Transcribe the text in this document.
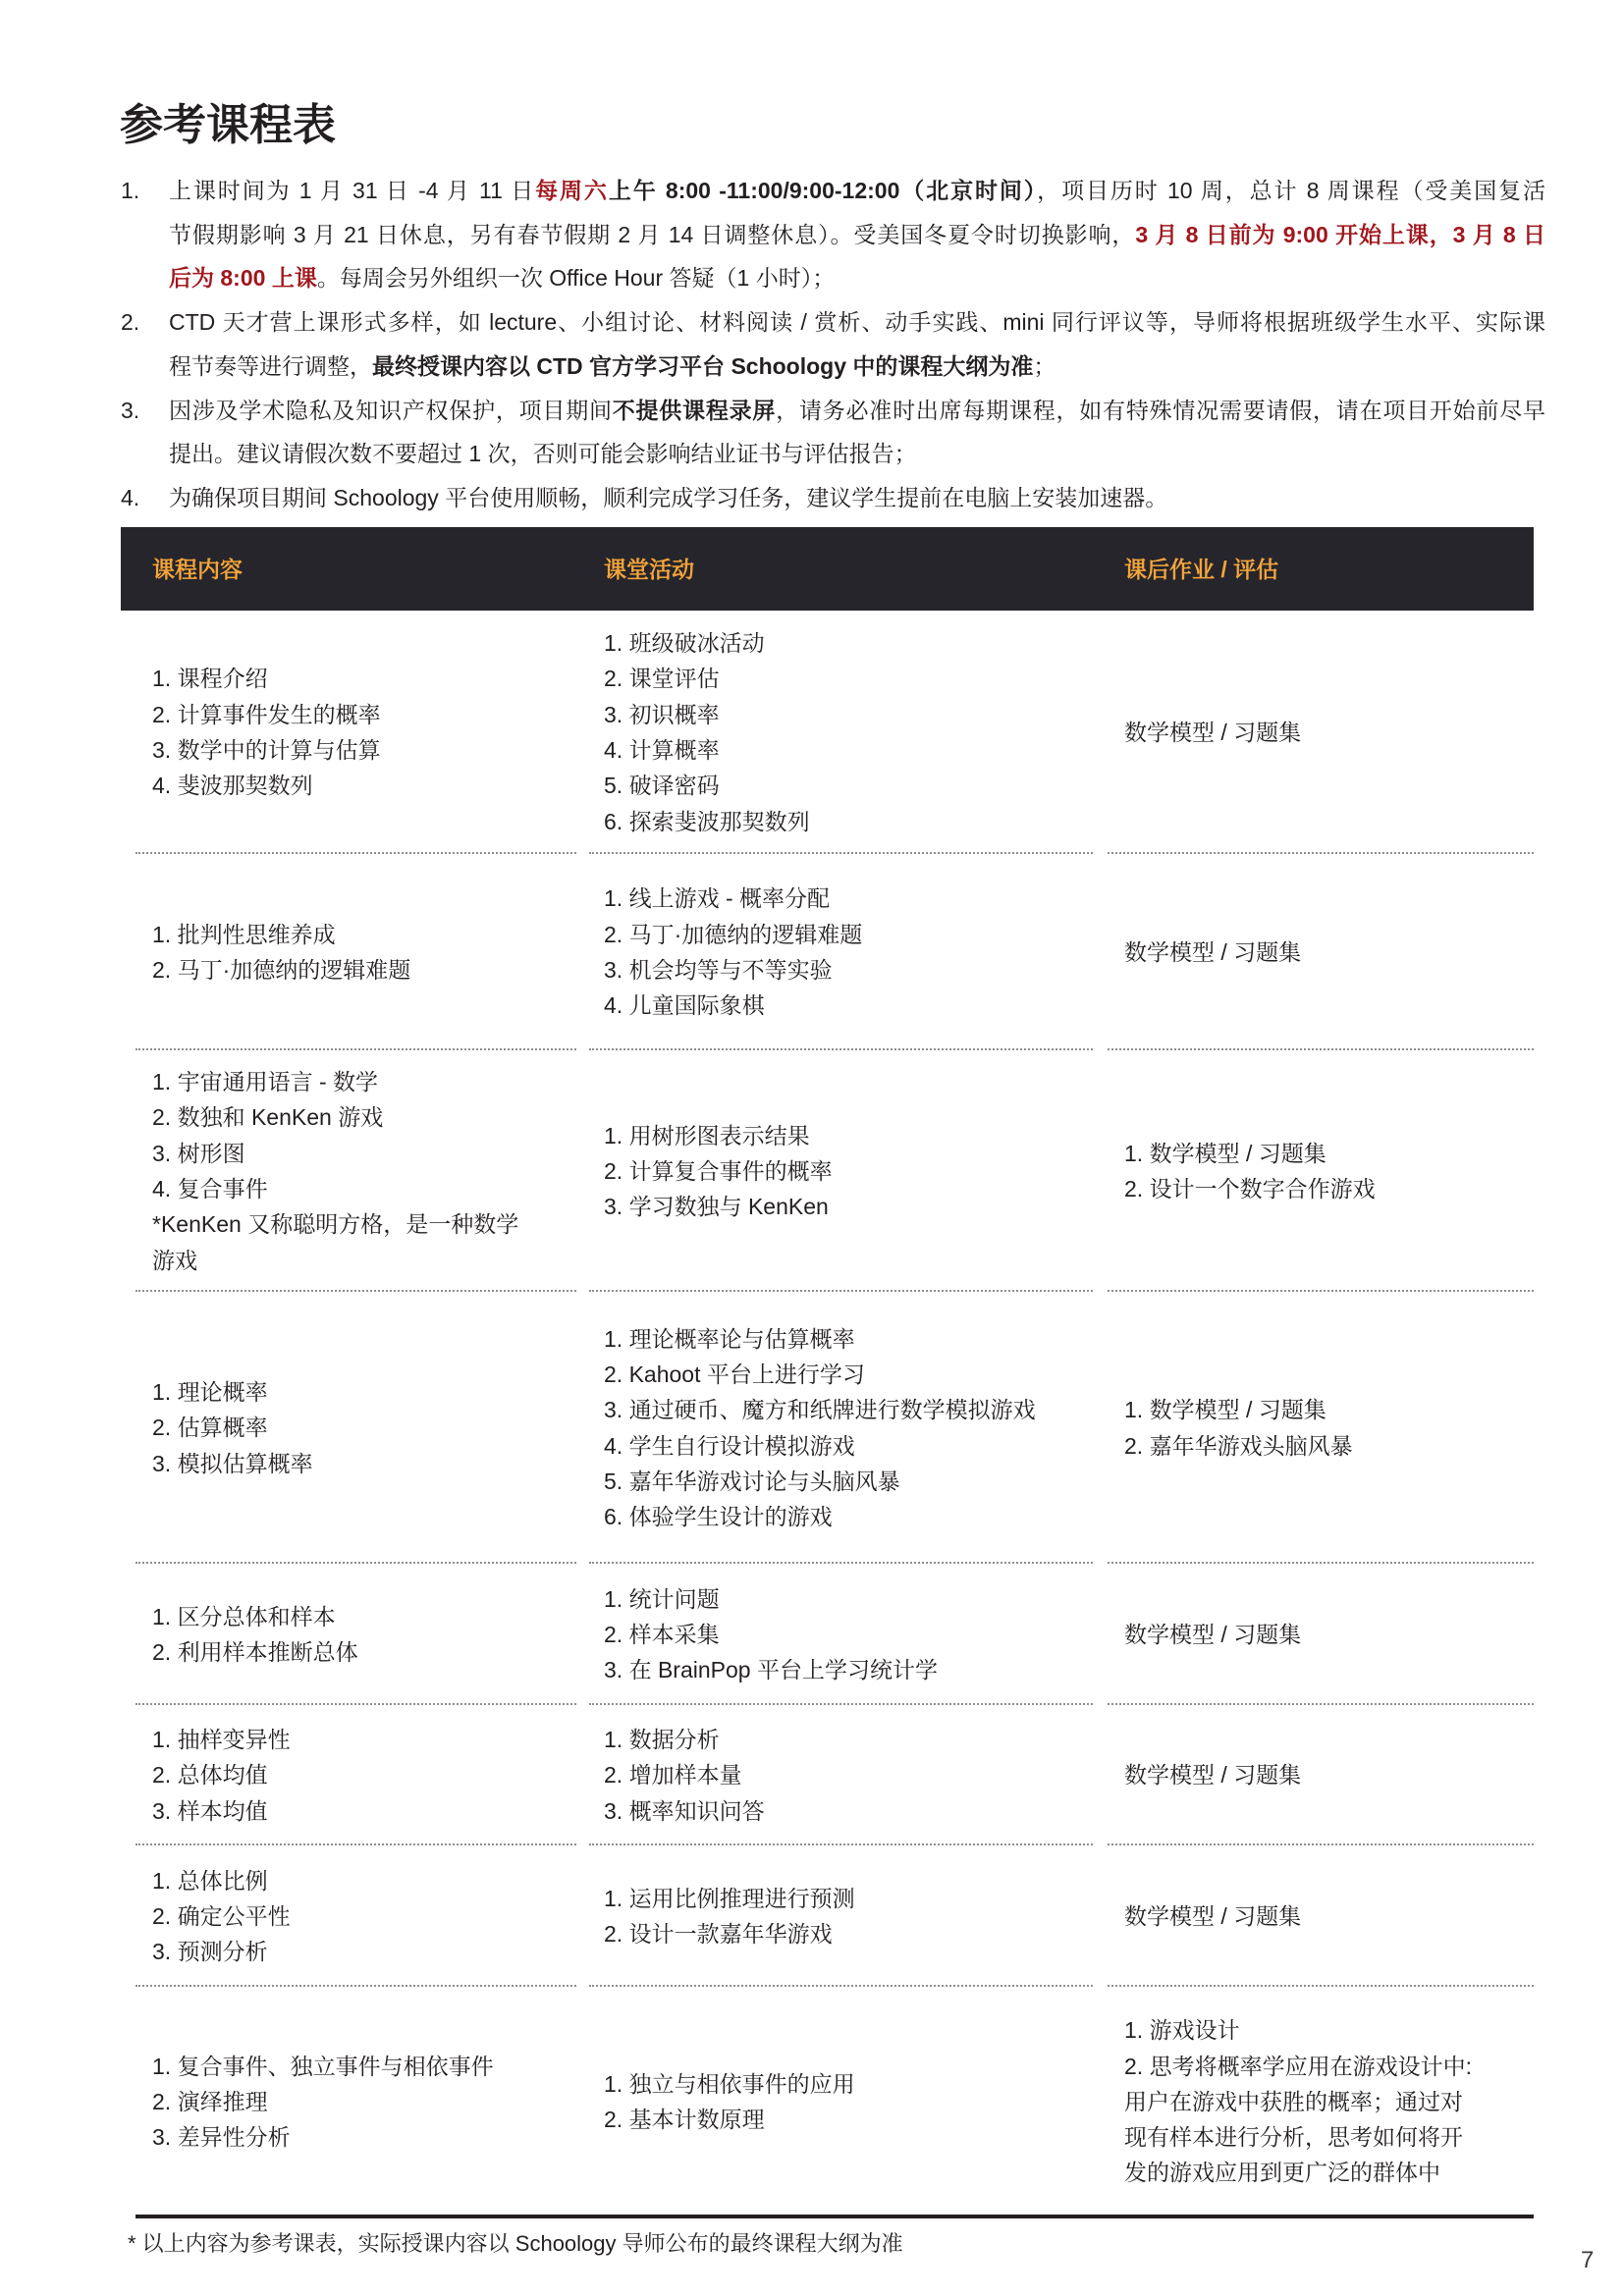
参考课程表
1. 上课时间为 1 月 31 日 -4 月 11 日每周六上午 8:00 -11:00/9:00-12:00（北京时间），项目历时 10 周，总计 8 周课程（受美国复活
节假期影响 3 月 21 日休息，另有春节假期 2 月 14 日调整休息）。受美国冬夏令时切换影响，3 月 8 日前为 9:00 开始上课，3 月 8 日
后为 8:00 上课。每周会另外组织一次 Office Hour 答疑（1 小时）；
2. CTD 天才营上课形式多样，如 lecture、小组讨论、材料阅读 / 赏析、动手实践、mini 同行评议等，导师将根据班级学生水平、实际课
程节奏等进行调整，最终授课内容以 CTD 官方学习平台 Schoology 中的课程大纲为准；
3. 因涉及学术隐私及知识产权保护，项目期间不提供课程录屏，请务必准时出席每期课程，如有特殊情况需要请假，请在项目开始前尽早
提出。建议请假次数不要超过 1 次，否则可能会影响结业证书与评估报告；
4. 为确保项目期间 Schoology 平台使用顺畅，顺利完成学习任务，建议学生提前在电脑上安装加速器。
课程内容	课堂活动	课后作业 / 评估
1. 课程介绍
2. 计算事件发生的概率
3. 数学中的计算与估算
4. 斐波那契数列
1. 班级破冰活动
2. 课堂评估
3. 初识概率
4. 计算概率
5. 破译密码
6. 探索斐波那契数列
数学模型 / 习题集
1. 批判性思维养成
2. 马丁·加德纳的逻辑难题
1. 线上游戏 - 概率分配
2. 马丁·加德纳的逻辑难题
3. 机会均等与不等实验
4. 儿童国际象棋
数学模型 / 习题集
1. 宇宙通用语言 - 数学
2. 数独和 KenKen 游戏
3. 树形图
4. 复合事件
*KenKen 又称聪明方格，是一种数学
游戏
1. 用树形图表示结果
2. 计算复合事件的概率
3. 学习数独与 KenKen
1. 数学模型 / 习题集
2. 设计一个数字合作游戏
1. 理论概率
2. 估算概率
3. 模拟估算概率
1. 理论概率论与估算概率
2. Kahoot 平台上进行学习
3. 通过硬币、魔方和纸牌进行数学模拟游戏
4. 学生自行设计模拟游戏
5. 嘉年华游戏讨论与头脑风暴
6. 体验学生设计的游戏
1. 数学模型 / 习题集
2. 嘉年华游戏头脑风暴
1. 区分总体和样本
2. 利用样本推断总体
1. 统计问题
2. 样本采集
3. 在 BrainPop 平台上学习统计学
数学模型 / 习题集
1. 抽样变异性
2. 总体均值
3. 样本均值
1. 数据分析
2. 增加样本量
3. 概率知识问答
数学模型 / 习题集
1. 总体比例
2. 确定公平性
3. 预测分析
1. 运用比例推理进行预测
2. 设计一款嘉年华游戏
数学模型 / 习题集
1. 复合事件、独立事件与相依事件
2. 演绎推理
3. 差异性分析
1. 独立与相依事件的应用
2. 基本计数原理
1. 游戏设计
2. 思考将概率学应用在游戏设计中:
用户在游戏中获胜的概率；通过对
现有样本进行分析，思考如何将开
发的游戏应用到更广泛的群体中
* 以上内容为参考课表，实际授课内容以 Schoology 导师公布的最终课程大纲为准
7
